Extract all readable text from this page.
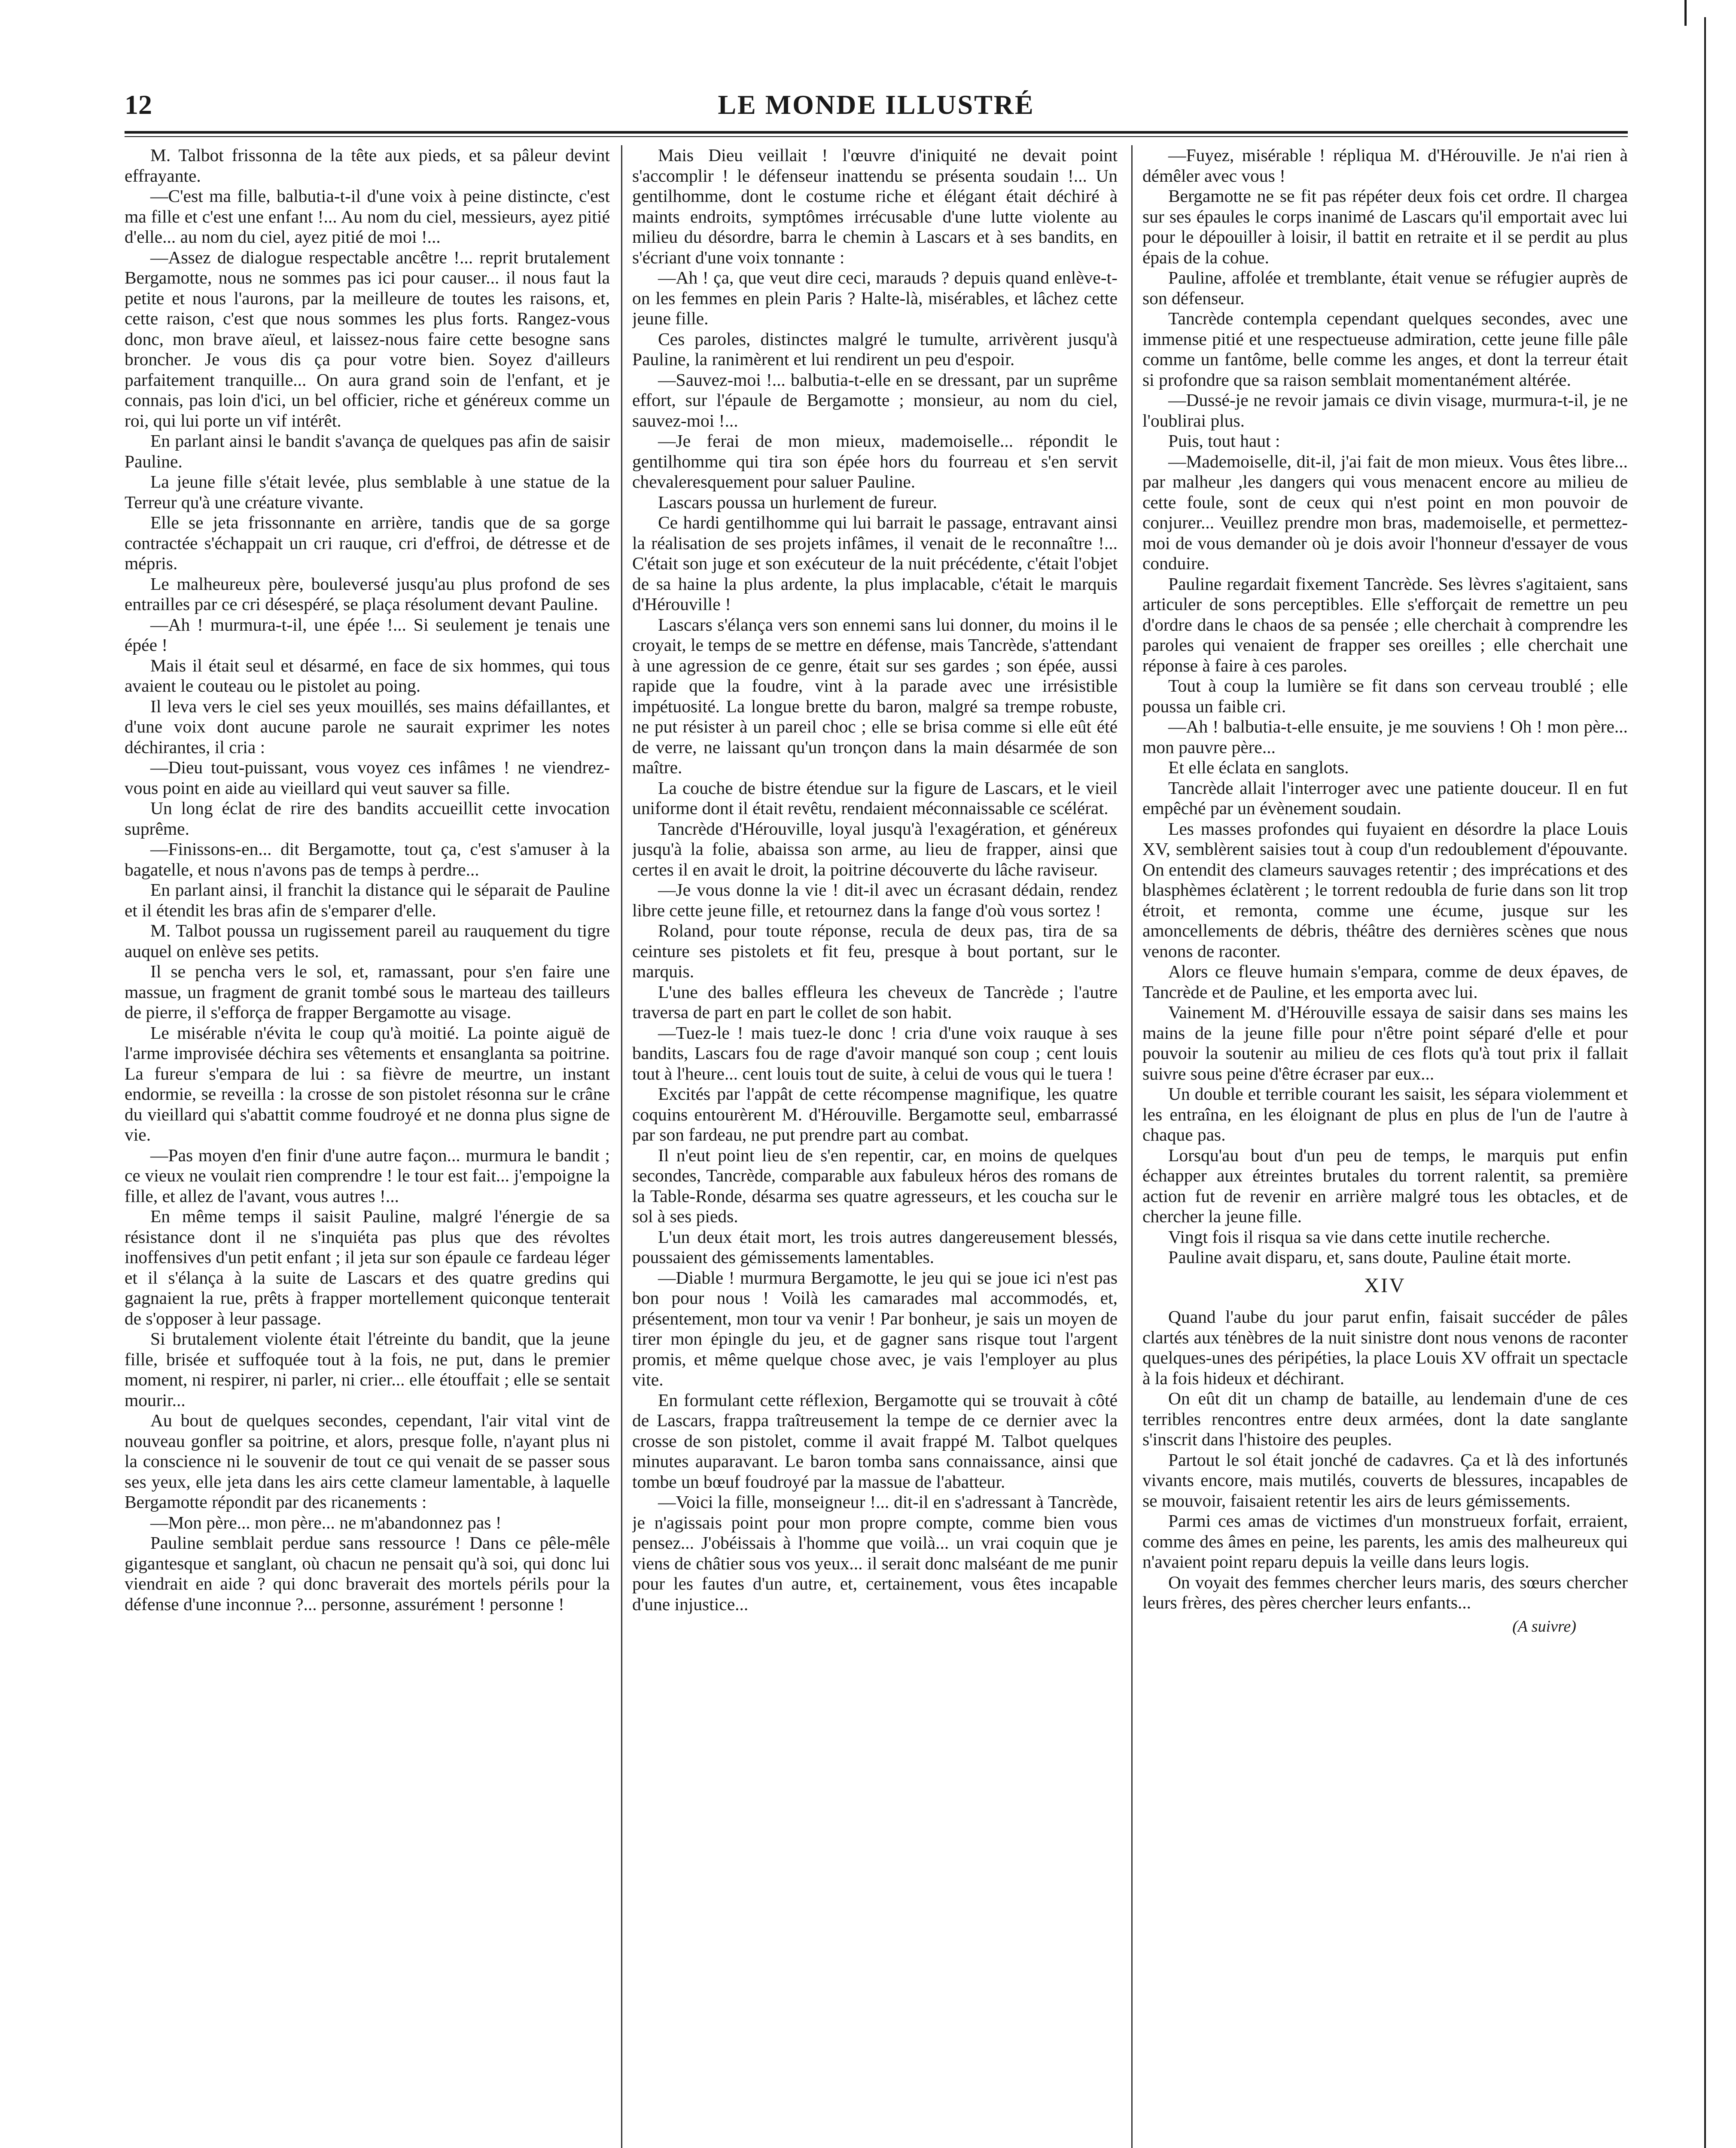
12	LE MONDE ILLUSTRÉ

M. Talbot frissonna de la tête aux pieds, et sa pâleur devint effrayante.

—C'est ma fille, balbutia-t-il d'une voix à peine distincte, c'est ma fille et c'est une enfant !... Au nom du ciel, messieurs, ayez pitié d'elle... au nom du ciel, ayez pitié de moi !...

—Assez de dialogue respectable ancêtre !... reprit brutalement Bergamotte, nous ne sommes pas ici pour causer... il nous faut la petite et nous l'aurons, par la meilleure de toutes les raisons, et, cette raison, c'est que nous sommes les plus forts. Rangez-vous donc, mon brave aïeul, et laissez-nous faire cette besogne sans broncher. Je vous dis ça pour votre bien. Soyez d'ailleurs parfaitement tranquille... On aura grand soin de l'enfant, et je connais, pas loin d'ici, un bel officier, riche et généreux comme un roi, qui lui porte un vif intérêt.

En parlant ainsi le bandit s'avança de quelques pas afin de saisir Pauline.

La jeune fille s'était levée, plus semblable à une statue de la Terreur qu'à une créature vivante.

Elle se jeta frissonnante en arrière, tandis que de sa gorge contractée s'échappait un cri rauque, cri d'effroi, de détresse et de mépris.

Le malheureux père, bouleversé jusqu'au plus profond de ses entrailles par ce cri désespéré, se plaça résolument devant Pauline.

—Ah ! murmura-t-il, une épée !... Si seulement je tenais une épée !

Mais il était seul et désarmé, en face de six hommes, qui tous avaient le couteau ou le pistolet au poing.

Il leva vers le ciel ses yeux mouillés, ses mains défaillantes, et d'une voix dont aucune parole ne saurait exprimer les notes déchirantes, il cria :

—Dieu tout-puissant, vous voyez ces infâmes ! ne viendrez-vous point en aide au vieillard qui veut sauver sa fille.

Un long éclat de rire des bandits accueillit cette invocation suprême.

—Finissons-en... dit Bergamotte, tout ça, c'est s'amuser à la bagatelle, et nous n'avons pas de temps à perdre...

En parlant ainsi, il franchit la distance qui le séparait de Pauline et il étendit les bras afin de s'emparer d'elle.

M. Talbot poussa un rugissement pareil au rauquement du tigre auquel on enlève ses petits.

Il se pencha vers le sol, et, ramassant, pour s'en faire une massue, un fragment de granit tombé sous le marteau des tailleurs de pierre, il s'efforça de frapper Bergamotte au visage.

Le misérable n'évita le coup qu'à moitié. La pointe aiguë de l'arme improvisée déchira ses vêtements et ensanglanta sa poitrine. La fureur s'empara de lui : sa fièvre de meurtre, un instant endormie, se reveilla : la crosse de son pistolet résonna sur le crâne du vieillard qui s'abattit comme foudroyé et ne donna plus signe de vie.

—Pas moyen d'en finir d'une autre façon... murmura le bandit ; ce vieux ne voulait rien comprendre ! le tour est fait... j'empoigne la fille, et allez de l'avant, vous autres !...

En même temps il saisit Pauline, malgré l'énergie de sa résistance dont il ne s'inquiéta pas plus que des révoltes inoffensives d'un petit enfant ; il jeta sur son épaule ce fardeau léger et il s'élança à la suite de Lascars et des quatre gredins qui gagnaient la rue, prêts à frapper mortellement quiconque tenterait de s'opposer à leur passage.

Si brutalement violente était l'étreinte du bandit, que la jeune fille, brisée et suffoquée tout à la fois, ne put, dans le premier moment, ni respirer, ni parler, ni crier... elle étouffait ; elle se sentait mourir...

Au bout de quelques secondes, cependant, l'air vital vint de nouveau gonfler sa poitrine, et alors, presque folle, n'ayant plus ni la conscience ni le souvenir de tout ce qui venait de se passer sous ses yeux, elle jeta dans les airs cette clameur lamentable, à laquelle Bergamotte répondit par des ricanements :

—Mon père... mon père... ne m'abandonnez pas !

Pauline semblait perdue sans ressource ! Dans ce pêle-mêle gigantesque et sanglant, où chacun ne pensait qu'à soi, qui donc lui viendrait en aide ? qui donc braverait des mortels périls pour la défense d'une inconnue ?... personne, assurément ! personne !

Mais Dieu veillait ! l'œuvre d'iniquité ne devait point s'accomplir ! le défenseur inattendu se présenta soudain !... Un gentilhomme, dont le costume riche et élégant était déchiré à maints endroits, symptômes irrécusable d'une lutte violente au milieu du désordre, barra le chemin à Lascars et à ses bandits, en s'écriant d'une voix tonnante :

—Ah ! ça, que veut dire ceci, marauds ? depuis quand enlève-t-on les femmes en plein Paris ? Halte-là, misérables, et lâchez cette jeune fille.

Ces paroles, distinctes malgré le tumulte, arrivèrent jusqu'à Pauline, la ranimèrent et lui rendirent un peu d'espoir.

—Sauvez-moi !... balbutia-t-elle en se dressant, par un suprême effort, sur l'épaule de Bergamotte ; monsieur, au nom du ciel, sauvez-moi !...

—Je ferai de mon mieux, mademoiselle... répondit le gentilhomme qui tira son épée hors du fourreau et s'en servit chevaleresquement pour saluer Pauline.

Lascars poussa un hurlement de fureur.

Ce hardi gentilhomme qui lui barrait le passage, entravant ainsi la réalisation de ses projets infâmes, il venait de le reconnaître !... C'était son juge et son exécuteur de la nuit précédente, c'était l'objet de sa haine la plus ardente, la plus implacable, c'était le marquis d'Hérouville !

Lascars s'élança vers son ennemi sans lui donner, du moins il le croyait, le temps de se mettre en défense, mais Tancrède, s'attendant à une agression de ce genre, était sur ses gardes ; son épée, aussi rapide que la foudre, vint à la parade avec une irrésistible impétuosité. La longue brette du baron, malgré sa trempe robuste, ne put résister à un pareil choc ; elle se brisa comme si elle eût été de verre, ne laissant qu'un tronçon dans la main désarmée de son maître.

La couche de bistre étendue sur la figure de Lascars, et le vieil uniforme dont il était revêtu, rendaient méconnaissable ce scélérat.

Tancrède d'Hérouville, loyal jusqu'à l'exagération, et généreux jusqu'à la folie, abaissa son arme, au lieu de frapper, ainsi que certes il en avait le droit, la poitrine découverte du lâche raviseur.

—Je vous donne la vie ! dit-il avec un écrasant dédain, rendez libre cette jeune fille, et retournez dans la fange d'où vous sortez !

Roland, pour toute réponse, recula de deux pas, tira de sa ceinture ses pistolets et fit feu, presque à bout portant, sur le marquis.

L'une des balles effleura les cheveux de Tancrède ; l'autre traversa de part en part le collet de son habit.

—Tuez-le ! mais tuez-le donc ! cria d'une voix rauque à ses bandits, Lascars fou de rage d'avoir manqué son coup ; cent louis tout à l'heure... cent louis tout de suite, à celui de vous qui le tuera !

Excités par l'appât de cette récompense magnifique, les quatre coquins entourèrent M. d'Hérouville. Bergamotte seul, embarrassé par son fardeau, ne put prendre part au combat.

Il n'eut point lieu de s'en repentir, car, en moins de quelques secondes, Tancrède, comparable aux fabuleux héros des romans de la Table-Ronde, désarma ses quatre agresseurs, et les coucha sur le sol à ses pieds.

L'un deux était mort, les trois autres dangereusement blessés, poussaient des gémissements lamentables.

—Diable ! murmura Bergamotte, le jeu qui se joue ici n'est pas bon pour nous ! Voilà les camarades mal accommodés, et, présentement, mon tour va venir ! Par bonheur, je sais un moyen de tirer mon épingle du jeu, et de gagner sans risque tout l'argent promis, et même quelque chose avec, je vais l'employer au plus vite.

En formulant cette réflexion, Bergamotte qui se trouvait à côté de Lascars, frappa traîtreusement la tempe de ce dernier avec la crosse de son pistolet, comme il avait frappé M. Talbot quelques minutes auparavant. Le baron tomba sans connaissance, ainsi que tombe un bœuf foudroyé par la massue de l'abatteur.

—Voici la fille, monseigneur !... dit-il en s'adressant à Tancrède, je n'agissais point pour mon propre compte, comme bien vous pensez... J'obéissais à l'homme que voilà... un vrai coquin que je viens de châtier sous vos yeux... il serait donc malséant de me punir pour les fautes d'un autre, et, certainement, vous êtes incapable d'une injustice...

—Fuyez, misérable ! répliqua M. d'Hérouville. Je n'ai rien à démêler avec vous !

Bergamotte ne se fit pas répéter deux fois cet ordre. Il chargea sur ses épaules le corps inanimé de Lascars qu'il emportait avec lui pour le dépouiller à loisir, il battit en retraite et il se perdit au plus épais de la cohue.

Pauline, affolée et tremblante, était venue se réfugier auprès de son défenseur.

Tancrède contempla cependant quelques secondes, avec une immense pitié et une respectueuse admiration, cette jeune fille pâle comme un fantôme, belle comme les anges, et dont la terreur était si profondre que sa raison semblait momentanément altérée.

—Dussé-je ne revoir jamais ce divin visage, murmura-t-il, je ne l'oublirai plus.

Puis, tout haut :

—Mademoiselle, dit-il, j'ai fait de mon mieux. Vous êtes libre... par malheur ,les dangers qui vous menacent encore au milieu de cette foule, sont de ceux qui n'est point en mon pouvoir de conjurer... Veuillez prendre mon bras, mademoiselle, et permettez-moi de vous demander où je dois avoir l'honneur d'essayer de vous conduire.

Pauline regardait fixement Tancrède. Ses lèvres s'agitaient, sans articuler de sons perceptibles. Elle s'efforçait de remettre un peu d'ordre dans le chaos de sa pensée ; elle cherchait à comprendre les paroles qui venaient de frapper ses oreilles ; elle cherchait une réponse à faire à ces paroles.

Tout à coup la lumière se fit dans son cerveau troublé ; elle poussa un faible cri.

—Ah ! balbutia-t-elle ensuite, je me souviens ! Oh ! mon père... mon pauvre père...

Et elle éclata en sanglots.

Tancrède allait l'interroger avec une patiente douceur. Il en fut empêché par un évènement soudain.

Les masses profondes qui fuyaient en désordre la place Louis XV, semblèrent saisies tout à coup d'un redoublement d'épouvante. On entendit des clameurs sauvages retentir ; des imprécations et des blasphèmes éclatèrent ; le torrent redoubla de furie dans son lit trop étroit, et remonta, comme une écume, jusque sur les amoncellements de débris, théâtre des dernières scènes que nous venons de raconter.

Alors ce fleuve humain s'empara, comme de deux épaves, de Tancrède et de Pauline, et les emporta avec lui.

Vainement M. d'Hérouville essaya de saisir dans ses mains les mains de la jeune fille pour n'être point séparé d'elle et pour pouvoir la soutenir au milieu de ces flots qu'à tout prix il fallait suivre sous peine d'être écraser par eux...

Un double et terrible courant les saisit, les sépara violemment et les entraîna, en les éloignant de plus en plus de l'un de l'autre à chaque pas.

Lorsqu'au bout d'un peu de temps, le marquis put enfin échapper aux étreintes brutales du torrent ralentit, sa première action fut de revenir en arrière malgré tous les obtacles, et de chercher la jeune fille.

Vingt fois il risqua sa vie dans cette inutile recherche.

Pauline avait disparu, et, sans doute, Pauline était morte.

XIV

Quand l'aube du jour parut enfin, faisait succéder de pâles clartés aux ténèbres de la nuit sinistre dont nous venons de raconter quelques-unes des péripéties, la place Louis XV offrait un spectacle à la fois hideux et déchirant.

On eût dit un champ de bataille, au lendemain d'une de ces terribles rencontres entre deux armées, dont la date sanglante s'inscrit dans l'histoire des peuples.

Partout le sol était jonché de cadavres. Ça et là des infortunés vivants encore, mais mutilés, couverts de blessures, incapables de se mouvoir, faisaient retentir les airs de leurs gémissements.

Parmi ces amas de victimes d'un monstrueux forfait, erraient, comme des âmes en peine, les parents, les amis des malheureux qui n'avaient point reparu depuis la veille dans leurs logis.

On voyait des femmes chercher leurs maris, des sœurs chercher leurs frères, des pères chercher leurs enfants...

(A suivre)
